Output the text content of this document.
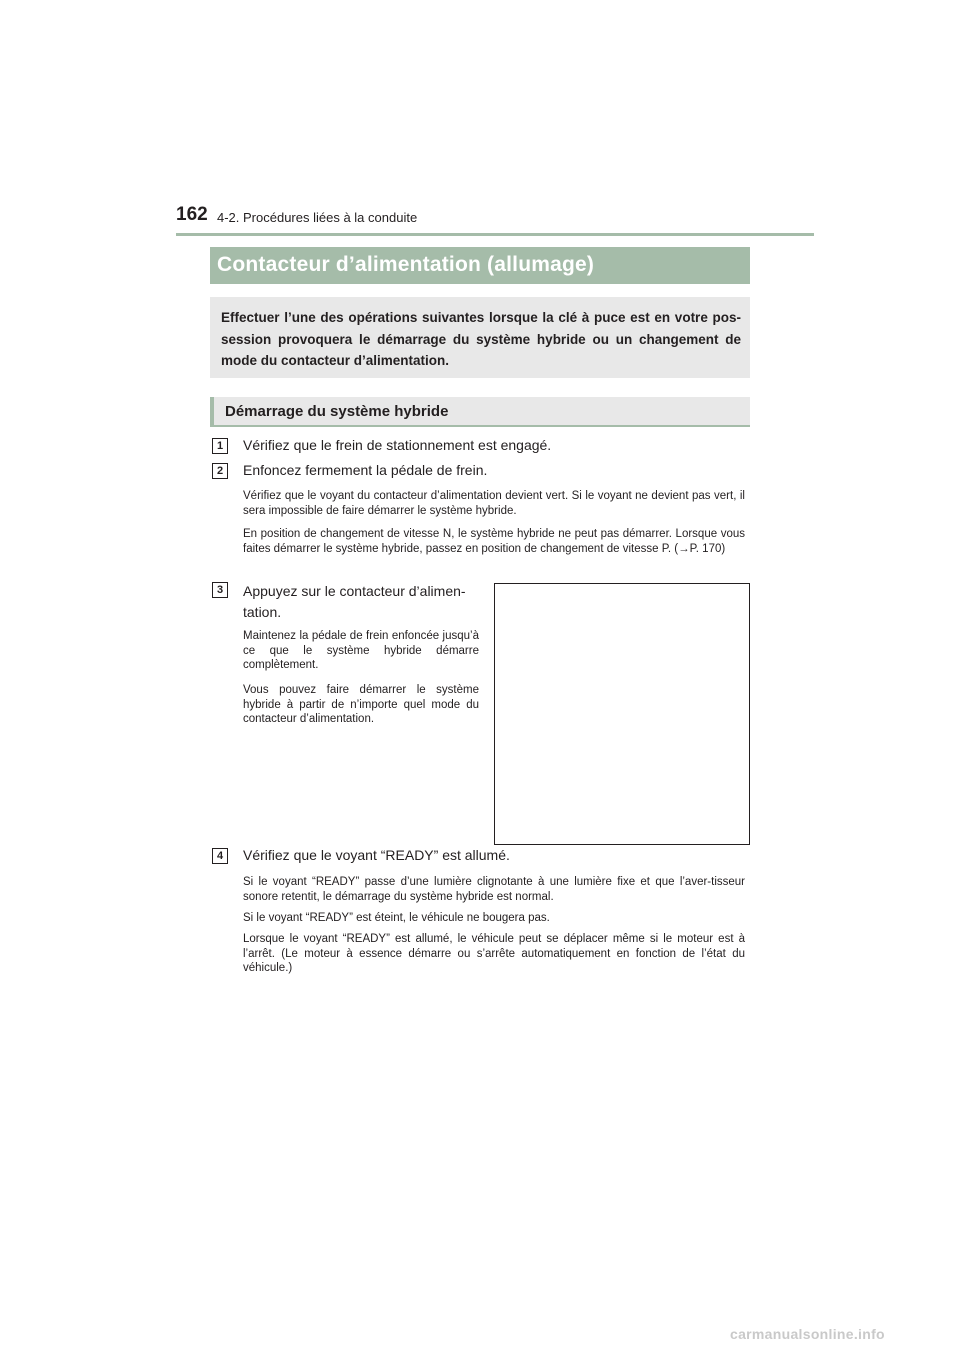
162 4-2. Procédures liées à la conduite
Contacteur d’alimentation (allumage)
Effectuer l’une des opérations suivantes lorsque la clé à puce est en votre pos-session provoquera le démarrage du système hybride ou un changement de mode du contacteur d’alimentation.
Démarrage du système hybride
1	Vérifiez que le frein de stationnement est engagé.
2	Enfoncez fermement la pédale de frein.
Vérifiez que le voyant du contacteur d’alimentation devient vert. Si le voyant ne devient pas vert, il sera impossible de faire démarrer le système hybride.
En position de changement de vitesse N, le système hybride ne peut pas démarrer. Lorsque vous faites démarrer le système hybride, passez en position de changement de vitesse P. (→P. 170)
3	Appuyez sur le contacteur d’alimen-tation.
Maintenez la pédale de frein enfoncée jusqu’à ce que le système hybride démarre complètement.
Vous pouvez faire démarrer le système hybride à partir de n’importe quel mode du contacteur d’alimentation.
4	Vérifiez que le voyant “READY” est allumé.
Si le voyant “READY” passe d’une lumière clignotante à une lumière fixe et que l’aver-tisseur sonore retentit, le démarrage du système hybride est normal.
Si le voyant “READY” est éteint, le véhicule ne bougera pas.
Lorsque le voyant “READY” est allumé, le véhicule peut se déplacer même si le moteur est à l’arrêt. (Le moteur à essence démarre ou s’arrête automatiquement en fonction de l’état du véhicule.)
carmanualsonline.info
